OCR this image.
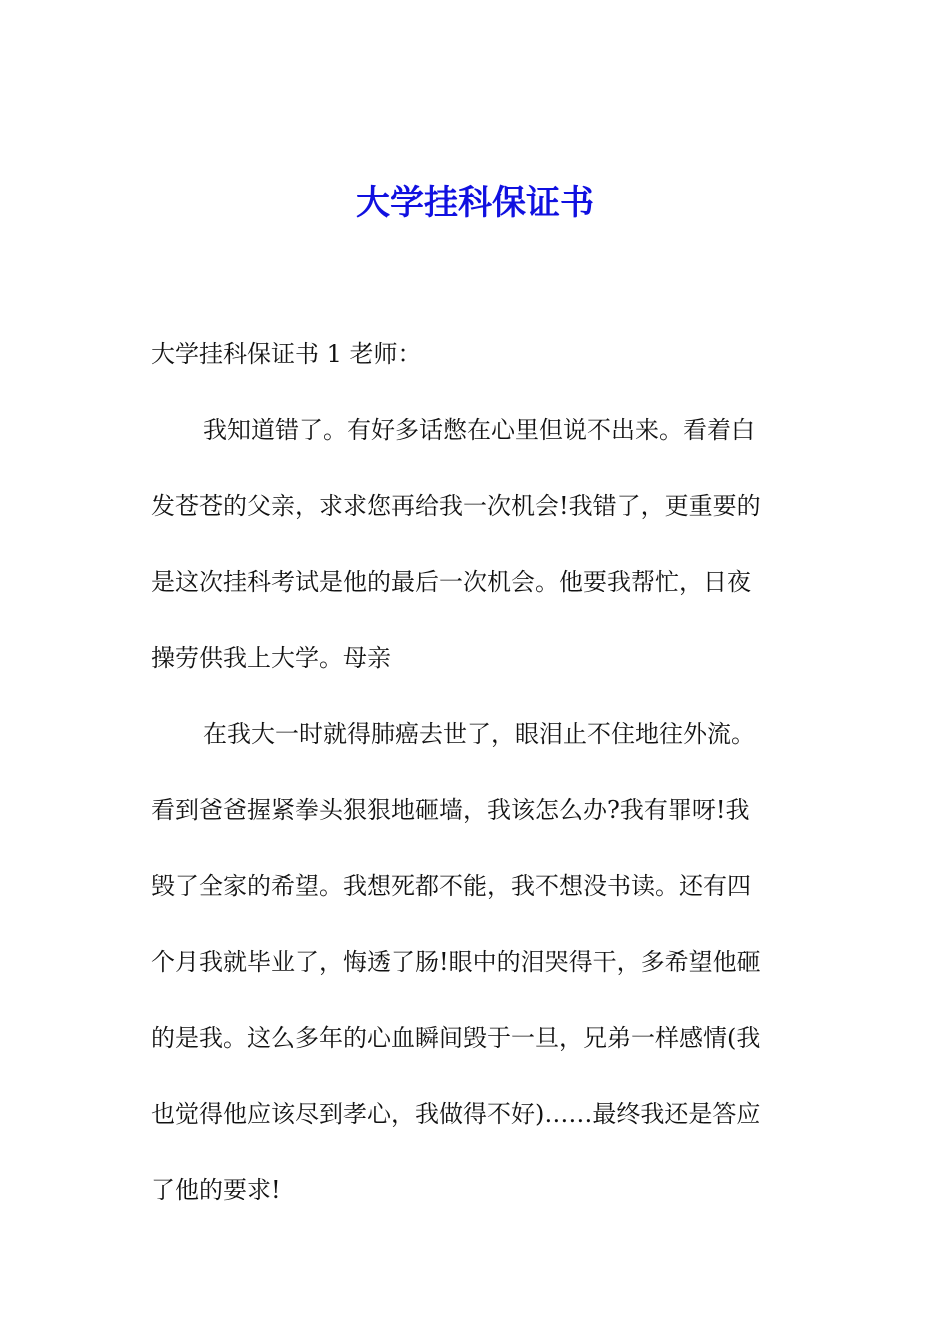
大学挂科保证书

大学挂科保证书 1 老师：

我知道错了。有好多话憋在心里但说不出来。看着白

发苍苍的父亲，求求您再给我一次机会!我错了，更重要的

是这次挂科考试是他的最后一次机会。他要我帮忙，日夜

操劳供我上大学。母亲

在我大一时就得肺癌去世了，眼泪止不住地往外流。

看到爸爸握紧拳头狠狠地砸墙，我该怎么办?我有罪呀!我

毁了全家的希望。我想死都不能，我不想没书读。还有四

个月我就毕业了，悔透了肠!眼中的泪哭得干，多希望他砸

的是我。这么多年的心血瞬间毁于一旦，兄弟一样感情(我

也觉得他应该尽到孝心，我做得不好)……最终我还是答应

了他的要求!
